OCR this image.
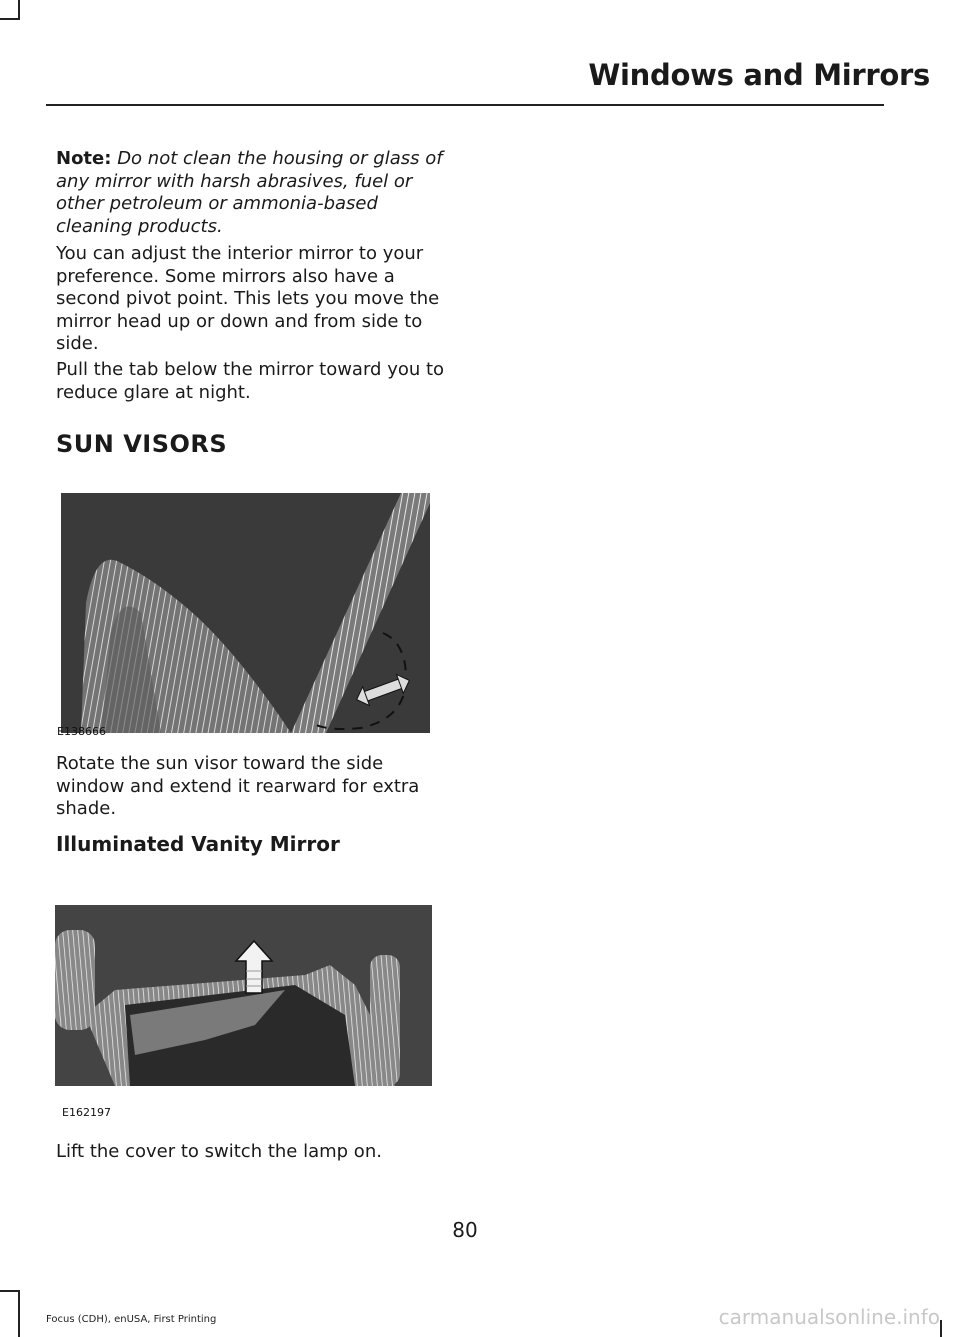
Windows and Mirrors

Note: Do not clean the housing or glass of any mirror with harsh abrasives, fuel or other petroleum or ammonia-based cleaning products.

You can adjust the interior mirror to your preference. Some mirrors also have a second pivot point. This lets you move the mirror head up or down and from side to side.

Pull the tab below the mirror toward you to reduce glare at night.

SUN VISORS
E138666

Rotate the sun visor toward the side window and extend it rearward for extra shade.

Illuminated Vanity Mirror
E162197

Lift the cover to switch the lamp on.

80
Focus (CDH), enUSA, First Printing	carmanualsonline.info
